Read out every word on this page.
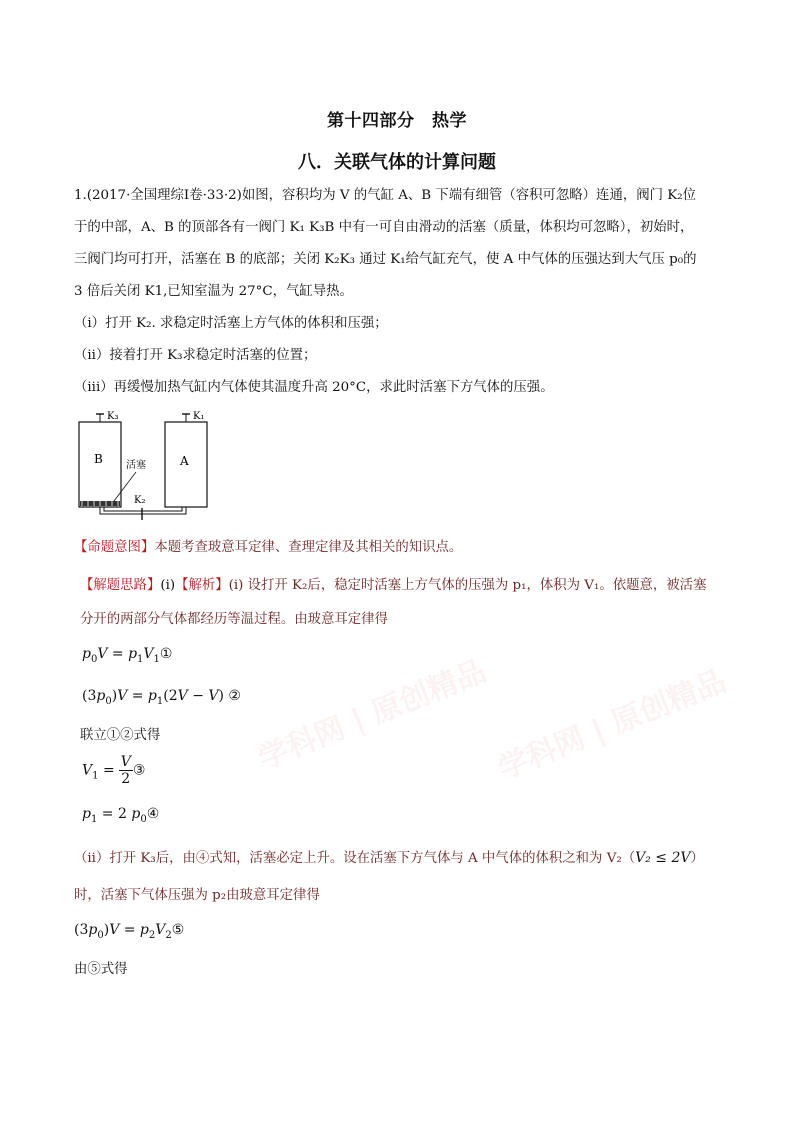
学科网 | 原创精品 学科网 | 原创精品
第十四部分　热学
八．关联气体的计算问题
1.(2017·全国理综Ⅰ卷·33·2)如图，容积均为 V 的气缸 A、B 下端有细管（容积可忽略）连通，阀门 K₂位
于的中部，A、B 的顶部各有一阀门 K₁ K₃B 中有一可自由滑动的活塞（质量，体积均可忽略），初始时，
三阀门均可打开，活塞在 B 的底部；关闭 K₂K₃ 通过 K₁给气缸充气，使 A 中气体的压强达到大气压 p₀的
3 倍后关闭 K1,已知室温为 27°C，气缸导热。
（i）打开 K₂. 求稳定时活塞上方气体的体积和压强；
（ii）接着打开 K₃求稳定时活塞的位置；
（iii）再缓慢加热气缸内气体使其温度升高 20°C，求此时活塞下方气体的压强。
K₃	K₁
B	A
活塞
K₂
【命题意图】本题考查玻意耳定律、查理定律及其相关的知识点。
【解题思路】(i)【解析】(i) 设打开 K₂后，稳定时活塞上方气体的压强为 p₁，体积为 V₁。依题意，被活塞
分开的两部分气体都经历等温过程。由玻意耳定律得
$p_0V$ = $p_1V_1①$
$(3p_0)V = p_1(2V - V)$ ②
联立①②式得
$V_1 = \frac{V}{2}$ ③
$p_1 = 2$ $p_0④$
（ii）打开 K₃后，由④式知，活塞必定上升。设在活塞下方气体与 A 中气体的体积之和为 V₂（V₂ ≤ 2V）
时，活塞下气体压强为 p₂由玻意耳定律得
$(3p_0)V$ = $p_2V_2⑤$
由⑤式得
